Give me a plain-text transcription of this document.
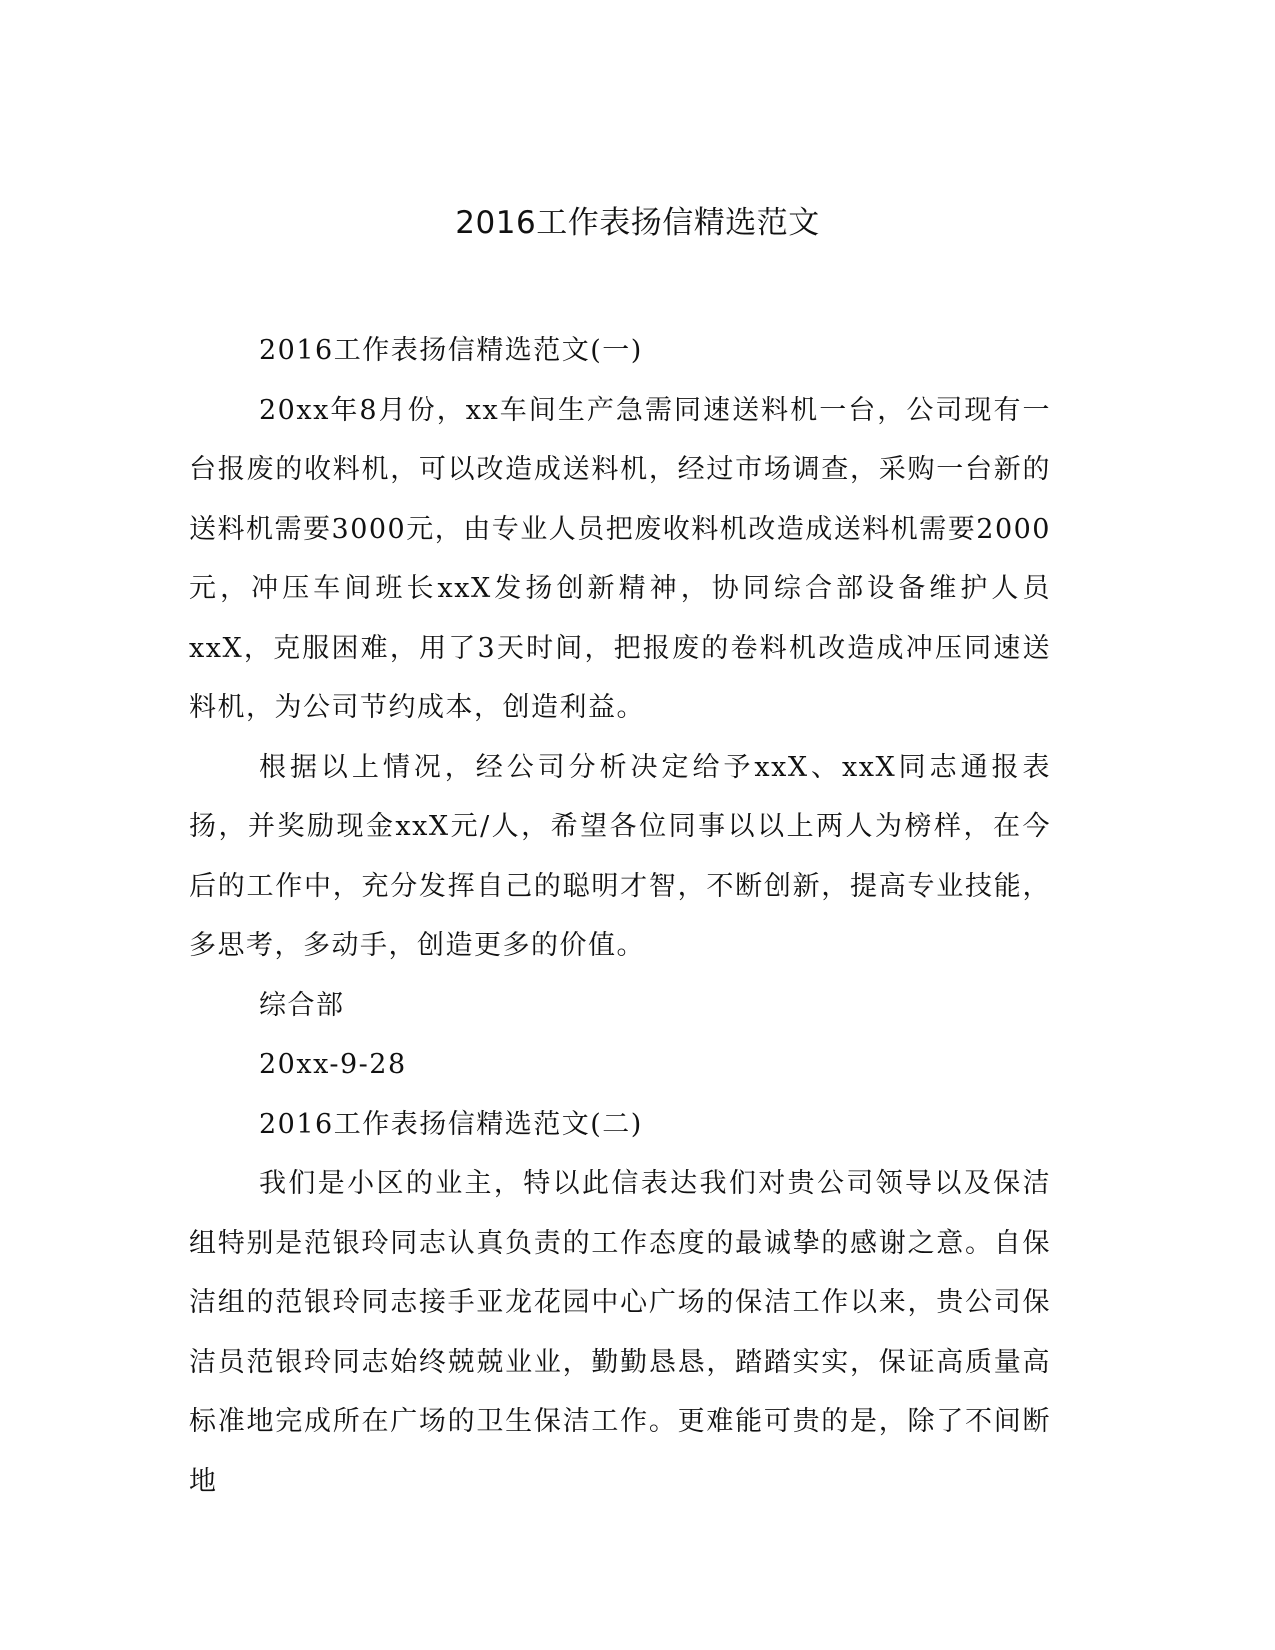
2016工作表扬信精选范文

2016工作表扬信精选范文(一)

20xx年8月份，xx车间生产急需同速送料机一台，公司现有一台报废的收料机，可以改造成送料机，经过市场调查，采购一台新的送料机需要3000元，由专业人员把废收料机改造成送料机需要2000元，冲压车间班长xxX发扬创新精神，协同综合部设备维护人员xxX，克服困难，用了3天时间，把报废的卷料机改造成冲压同速送料机，为公司节约成本，创造利益。

根据以上情况，经公司分析决定给予xxX、xxX同志通报表扬，并奖励现金xxX元/人，希望各位同事以以上两人为榜样，在今后的工作中，充分发挥自己的聪明才智，不断创新，提高专业技能，多思考，多动手，创造更多的价值。

综合部

20xx-9-28

2016工作表扬信精选范文(二)

我们是小区的业主，特以此信表达我们对贵公司领导以及保洁组特别是范银玲同志认真负责的工作态度的最诚挚的感谢之意。自保洁组的范银玲同志接手亚龙花园中心广场的保洁工作以来，贵公司保洁员范银玲同志始终兢兢业业，勤勤恳恳，踏踏实实，保证高质量高标准地完成所在广场的卫生保洁工作。更难能可贵的是，除了不间断地
